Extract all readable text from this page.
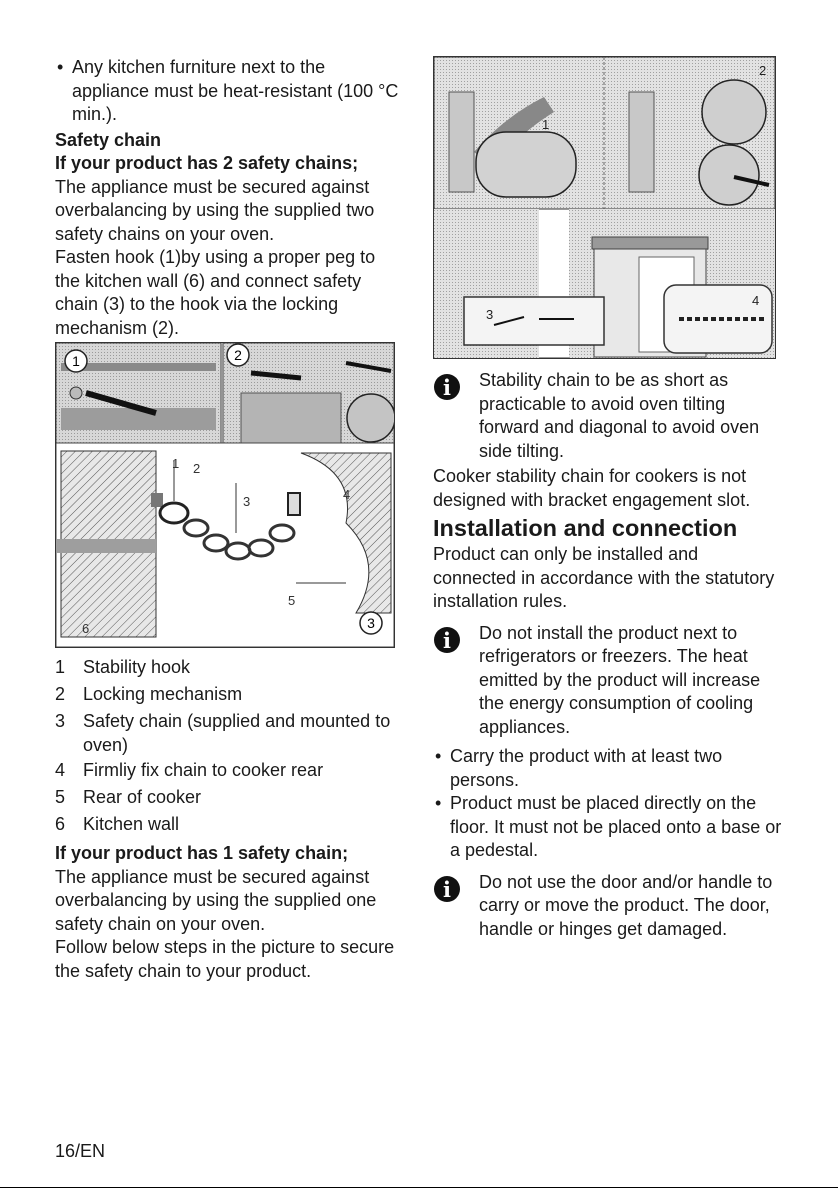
• Any kitchen furniture next to the appliance must be heat-resistant (100 °C min.).

Safety chain
If your product has 2 safety chains;

The appliance must be secured against overbalancing by using the supplied two safety chains on your oven.

Fasten hook (1)by using a proper peg to the kitchen wall (6) and connect safety chain (3) to the hook via the locking mechanism (2).

1	2
1 2
3	4
5
6	3
1 Stability hook
2 Locking mechanism
3 Safety chain (supplied and mounted to oven)
4 Firmliy fix chain to cooker rear
5 Rear of cooker
6 Kitchen wall
If your product has 1 safety chain;

The appliance must be secured against overbalancing by using the supplied one safety chain on your oven.

Follow below steps in the picture to secure the safety chain to your product.

1
2
3
4
i Stability chain to be as short as practicable to avoid oven tilting forward and diagonal to avoid oven side tilting.

Cooker stability chain for cookers is not designed with bracket engagement slot.

Installation and connection

Product can only be installed and connected in accordance with the statutory installation rules.

i Do not install the product next to refrigerators or freezers. The heat emitted by the product will increase the energy consumption of cooling appliances.

• Carry the product with at least two persons.

• Product must be placed directly on the floor. It must not be placed onto a base or a pedestal.

i Do not use the door and/or handle to carry or move the product. The door, handle or hinges get damaged.

16/EN
